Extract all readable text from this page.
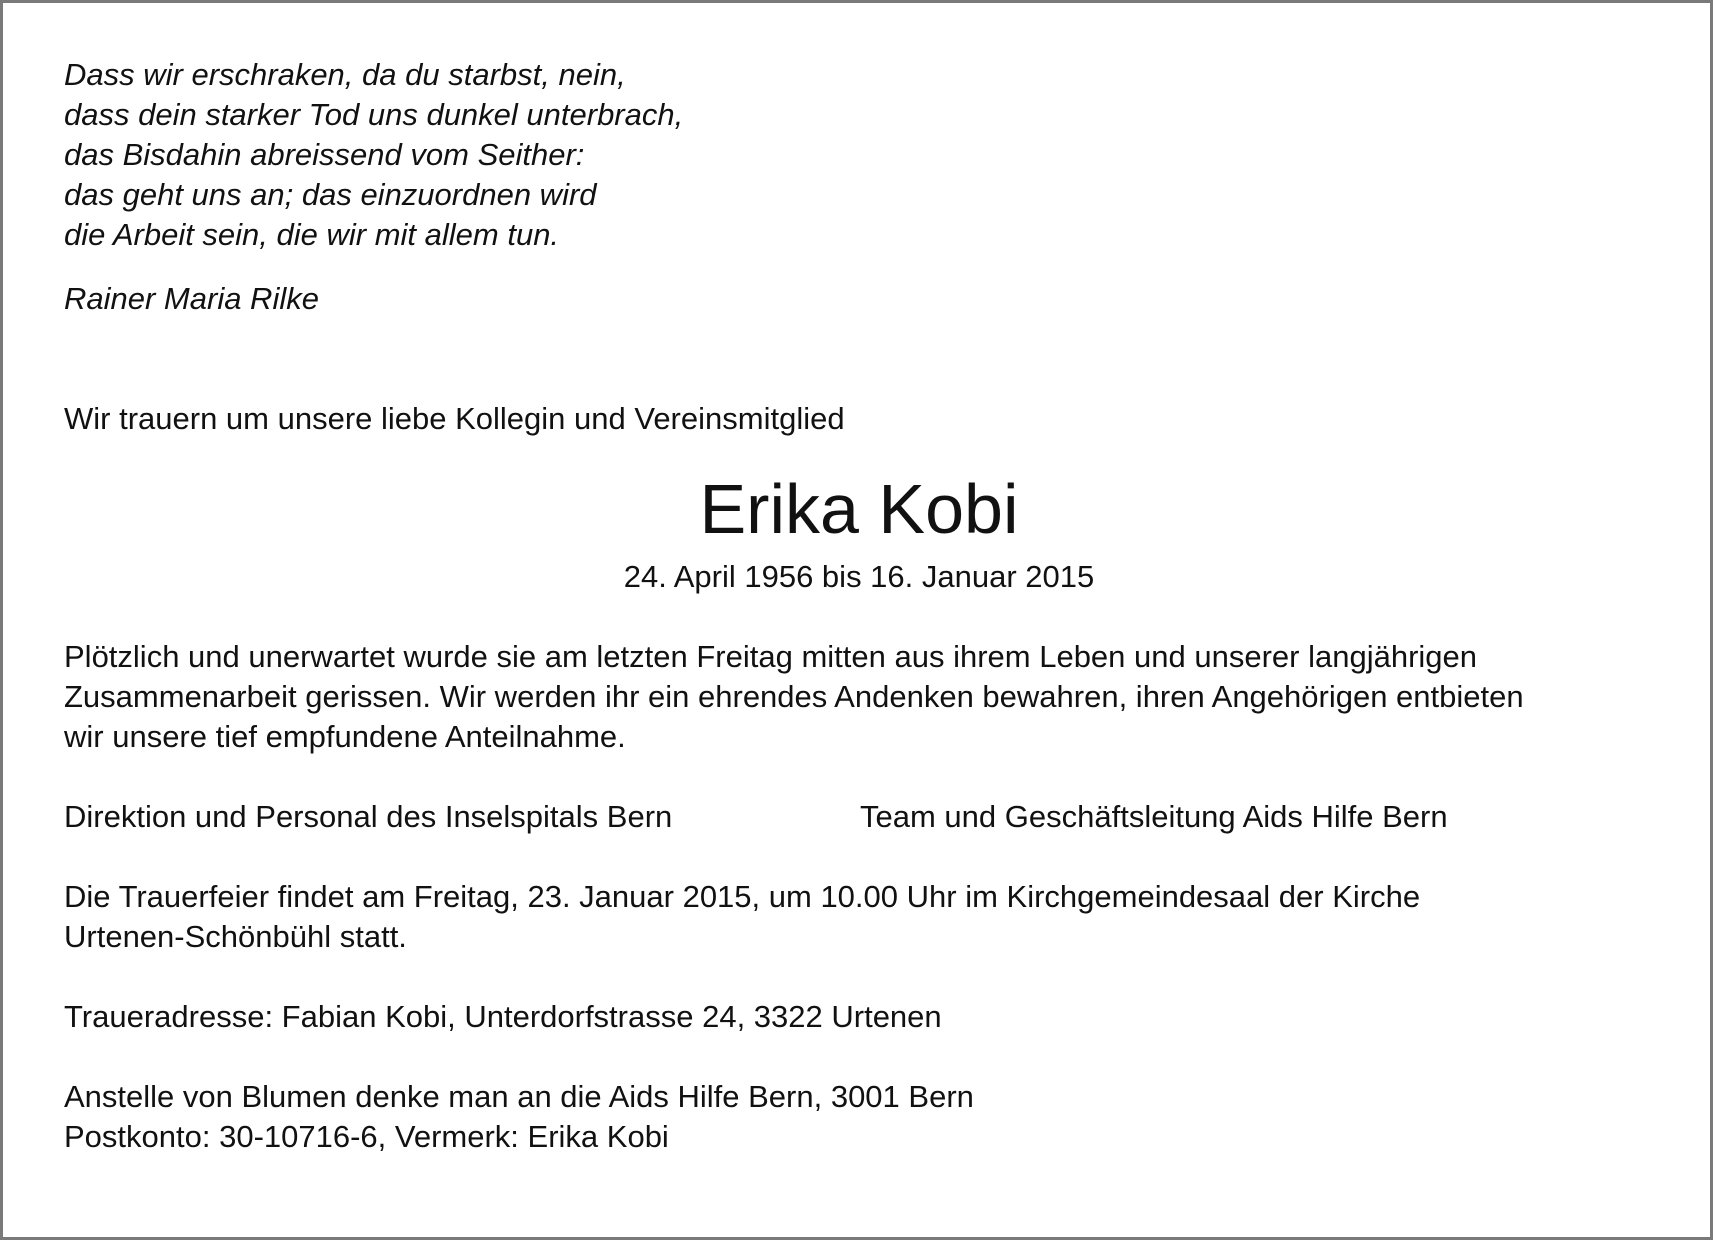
Dass wir erschraken, da du starbst, nein,
dass dein starker Tod uns dunkel unterbrach,
das Bisdahin abreissend vom Seither:
das geht uns an; das einzuordnen wird
die Arbeit sein, die wir mit allem tun.
Rainer Maria Rilke
Wir trauern um unsere liebe Kollegin und Vereinsmitglied
Erika Kobi
24. April 1956 bis 16. Januar 2015
Plötzlich und unerwartet wurde sie am letzten Freitag mitten aus ihrem Leben und unserer langjährigen
Zusammenarbeit gerissen. Wir werden ihr ein ehrendes Andenken bewahren, ihren Angehörigen entbieten
wir unsere tief empfundene Anteilnahme.
Direktion und Personal des Inselspitals Bern	Team und Geschäftsleitung Aids Hilfe Bern
Die Trauerfeier findet am Freitag, 23. Januar 2015, um 10.00 Uhr im Kirchgemeindesaal der Kirche
Urtenen-Schönbühl statt.
Traueradresse: Fabian Kobi, Unterdorfstrasse 24, 3322 Urtenen
Anstelle von Blumen denke man an die Aids Hilfe Bern, 3001 Bern
Postkonto: 30-10716-6, Vermerk: Erika Kobi
